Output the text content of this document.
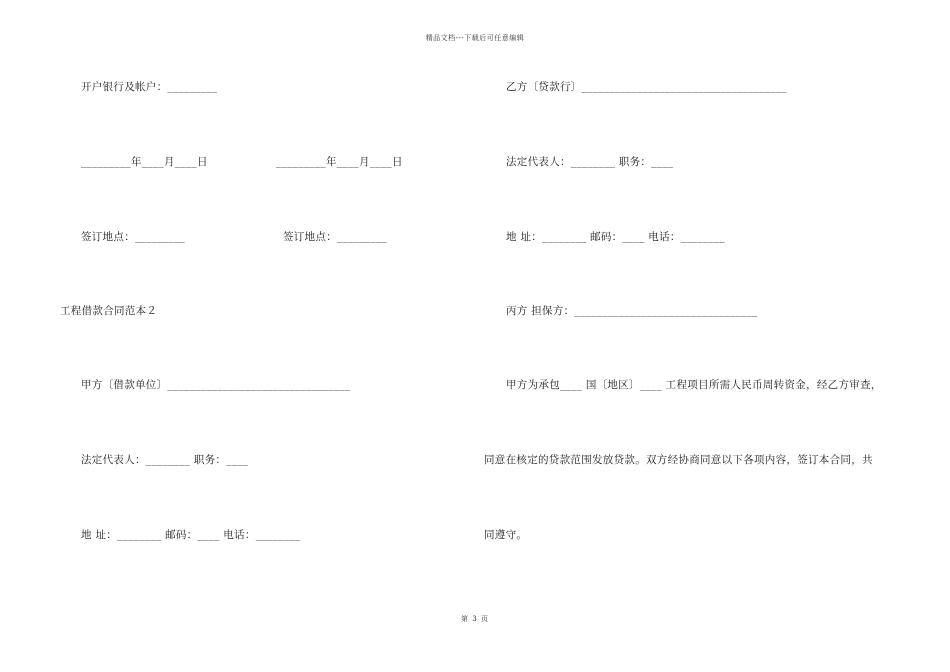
精品文档---下载后可任意编辑
开户银行及帐户：_________
_________年____月____日	_________年____月____日
签订地点：_________	签订地点：_________
工程借款合同范本２
甲方〔借款单位〕_________________________________
法定代表人：________ 职务：____
地 址：________ 邮码：____ 电话：________
乙方〔贷款行〕_____________________________________
法定代表人：________ 职务：____
地 址：________ 邮码：____ 电话：________
丙方 担保方：_________________________________
甲方为承包____ 国〔地区〕____ 工程项目所需人民币周转资金，经乙方审查，
同意在核定的贷款范围发放贷款。双方经协商同意以下各项内容，签订本合同，共
同遵守。
第 3 页
